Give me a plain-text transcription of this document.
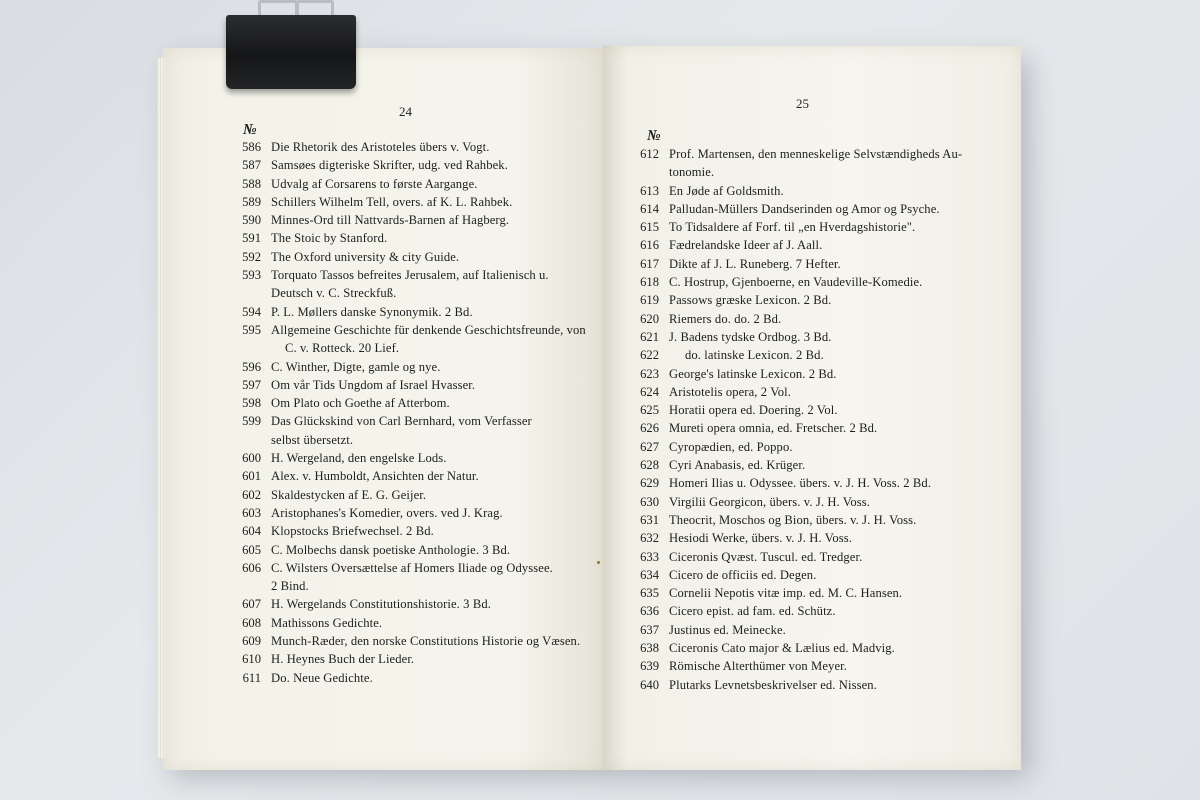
24
№
586 Die Rhetorik des Aristoteles übers v. Vogt.
587 Samsøes digteriske Skrifter, udg. ved Rahbek.
588 Udvalg af Corsarens to første Aargange.
589 Schillers Wilhelm Tell, overs. af K. L. Rahbek.
590 Minnes-Ord till Nattvards-Barnen af Hagberg.
591 The Stoic by Stanford.
592 The Oxford university & city Guide.
593 Torquato Tassos befreites Jerusalem, auf Italienisch u.
Deutsch v. C. Streckfuß.
594 P. L. Møllers danske Synonymik. 2 Bd.
595 Allgemeine Geschichte für denkende Geschichtsfreunde, von
C. v. Rotteck. 20 Lief.
596 C. Winther, Digte, gamle og nye.
597 Om vår Tids Ungdom af Israel Hvasser.
598 Om Plato och Goethe af Atterbom.
599 Das Glückskind von Carl Bernhard, vom Verfasser
selbst übersetzt.
600 H. Wergeland, den engelske Lods.
601 Alex. v. Humboldt, Ansichten der Natur.
602 Skaldestycken af E. G. Geijer.
603 Aristophanes's Komedier, overs. ved J. Krag.
604 Klopstocks Briefwechsel. 2 Bd.
605 C. Molbechs dansk poetiske Anthologie. 3 Bd.
606 C. Wilsters Oversættelse af Homers Iliade og Odyssee.
2 Bind.
607 H. Wergelands Constitutionshistorie. 3 Bd.
608 Mathissons Gedichte.
609 Munch-Ræder, den norske Constitutions Historie og Væsen.
610 H. Heynes Buch der Lieder.
611 Do. Neue Gedichte.
25
№
612 Prof. Martensen, den menneskelige Selvstændigheds Au-
tonomie.
613 En Jøde af Goldsmith.
614 Palludan-Müllers Dandserinden og Amor og Psyche.
615 To Tidsaldere af Forf. til „en Hverdagshistorie".
616 Fædrelandske Ideer af J. Aall.
617 Dikte af J. L. Runeberg. 7 Hefter.
618 C. Hostrup, Gjenboerne, en Vaudeville-Komedie.
619 Passows græske Lexicon. 2 Bd.
620 Riemers do. do. 2 Bd.
621 J. Badens tydske Ordbog. 3 Bd.
622 do. latinske Lexicon. 2 Bd.
623 George's latinske Lexicon. 2 Bd.
624 Aristotelis opera, 2 Vol.
625 Horatii opera ed. Doering. 2 Vol.
626 Mureti opera omnia, ed. Fretscher. 2 Bd.
627 Cyropædien, ed. Poppo.
628 Cyri Anabasis, ed. Krüger.
629 Homeri Ilias u. Odyssee. übers. v. J. H. Voss. 2 Bd.
630 Virgilii Georgicon, übers. v. J. H. Voss.
631 Theocrit, Moschos og Bion, übers. v. J. H. Voss.
632 Hesiodi Werke, übers. v. J. H. Voss.
633 Ciceronis Qvæst. Tuscul. ed. Tredger.
634 Cicero de officiis ed. Degen.
635 Cornelii Nepotis vitæ imp. ed. M. C. Hansen.
636 Cicero epist. ad fam. ed. Schütz.
637 Justinus ed. Meinecke.
638 Ciceronis Cato major & Lælius ed. Madvig.
639 Römische Alterthümer von Meyer.
640 Plutarks Levnetsbeskrivelser ed. Nissen.
